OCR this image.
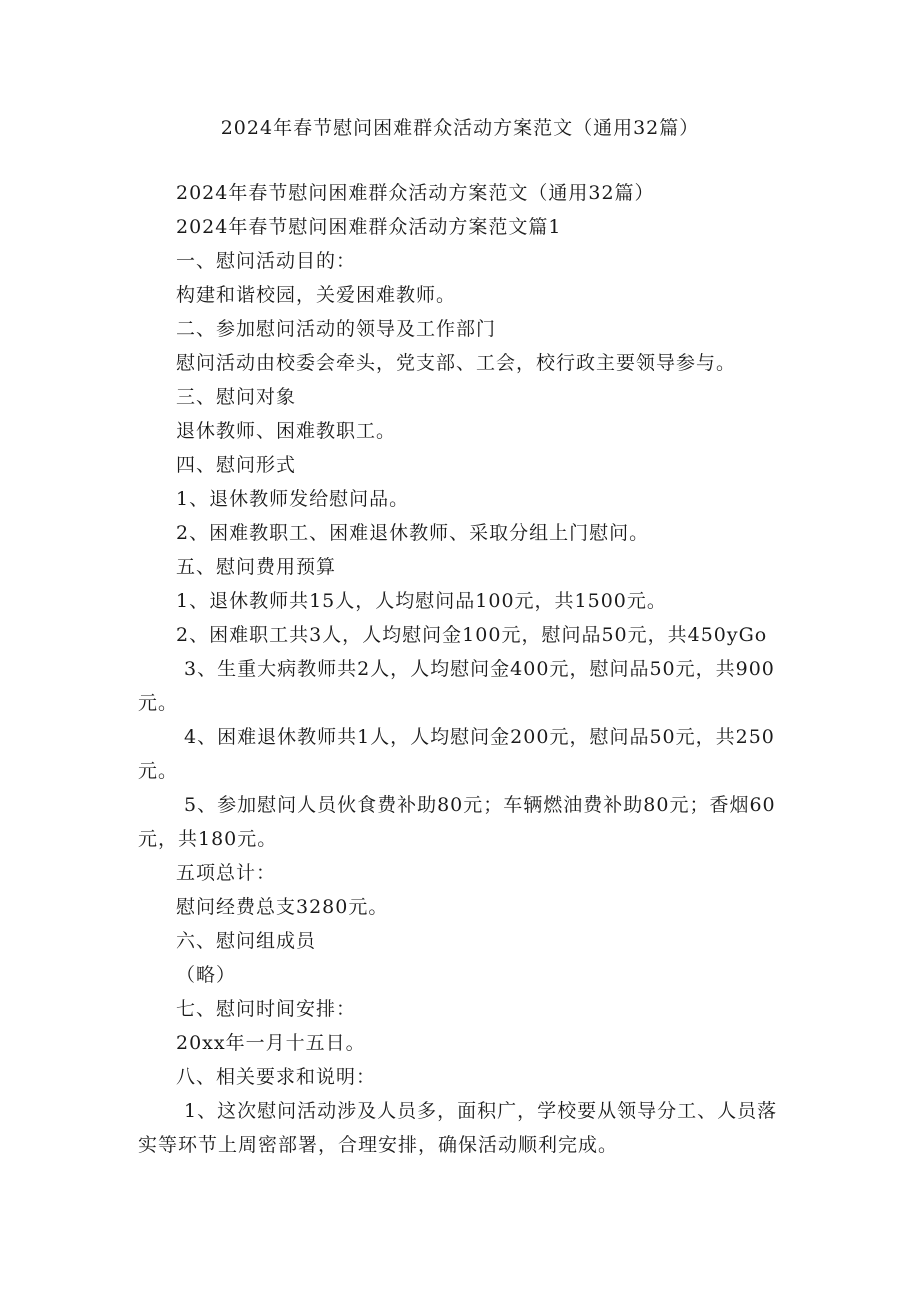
2024年春节慰问困难群众活动方案范文（通用32篇）

2024年春节慰问困难群众活动方案范文（通用32篇）

2024年春节慰问困难群众活动方案范文篇1

一、慰问活动目的：

构建和谐校园，关爱困难教师。

二、参加慰问活动的领导及工作部门

慰问活动由校委会牵头，党支部、工会，校行政主要领导参与。

三、慰问对象

退休教师、困难教职工。

四、慰问形式

1、退休教师发给慰问品。

2、困难教职工、困难退休教师、采取分组上门慰问。

五、慰问费用预算

1、退休教师共15人，人均慰问品100元，共1500元。

2、困难职工共3人，人均慰问金100元，慰问品50元，共450yGo

3、生重大病教师共2人，人均慰问金400元，慰问品50元，共900元。

4、困难退休教师共1人，人均慰问金200元，慰问品50元，共250元。

5、参加慰问人员伙食费补助80元；车辆燃油费补助80元；香烟60元，共180元。

五项总计：

慰问经费总支3280元。

六、慰问组成员

（略）

七、慰问时间安排：

20xx年一月十五日。

八、相关要求和说明：

1、这次慰问活动涉及人员多，面积广，学校要从领导分工、人员落实等环节上周密部署，合理安排，确保活动顺利完成。
